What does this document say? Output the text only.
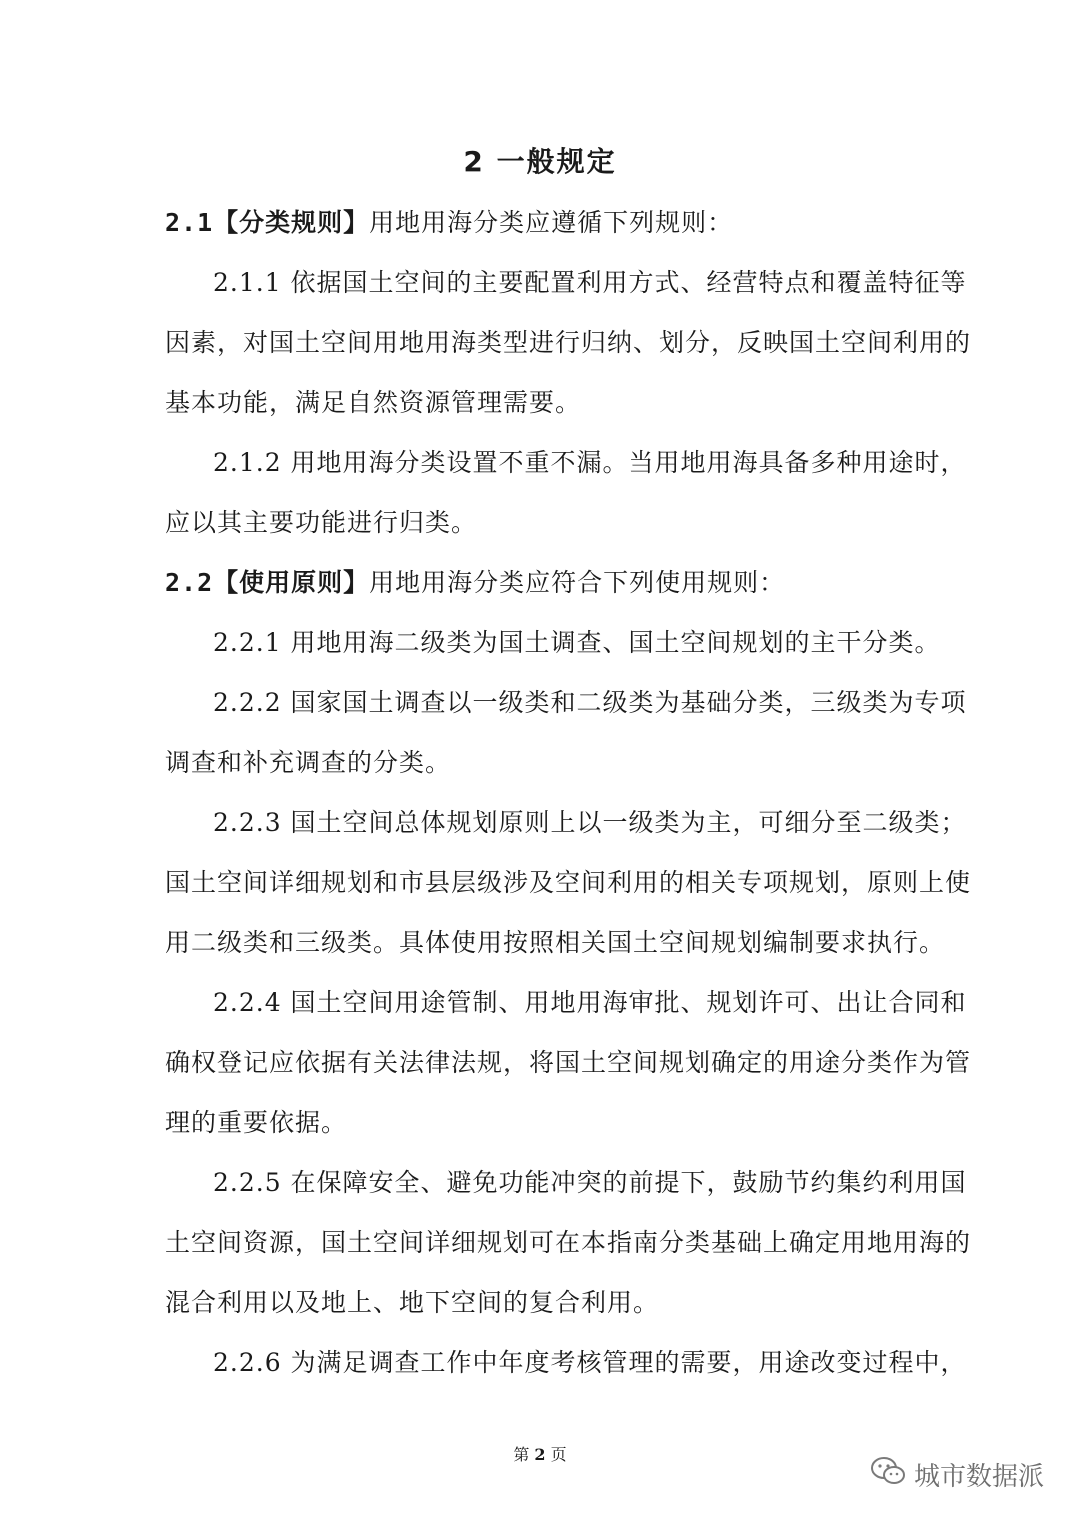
2 一般规定
2.1【分类规则】用地用海分类应遵循下列规则：
2.1.1 依据国土空间的主要配置利用方式、经营特点和覆盖特征等
因素，对国土空间用地用海类型进行归纳、划分，反映国土空间利用的
基本功能，满足自然资源管理需要。
2.1.2 用地用海分类设置不重不漏。当用地用海具备多种用途时，
应以其主要功能进行归类。
2.2【使用原则】用地用海分类应符合下列使用规则：
2.2.1 用地用海二级类为国土调查、国土空间规划的主干分类。
2.2.2 国家国土调查以一级类和二级类为基础分类，三级类为专项
调查和补充调查的分类。
2.2.3 国土空间总体规划原则上以一级类为主，可细分至二级类；
国土空间详细规划和市县层级涉及空间利用的相关专项规划，原则上使
用二级类和三级类。具体使用按照相关国土空间规划编制要求执行。
2.2.4 国土空间用途管制、用地用海审批、规划许可、出让合同和
确权登记应依据有关法律法规，将国土空间规划确定的用途分类作为管
理的重要依据。
2.2.5 在保障安全、避免功能冲突的前提下，鼓励节约集约利用国
土空间资源，国土空间详细规划可在本指南分类基础上确定用地用海的
混合利用以及地上、地下空间的复合利用。
2.2.6 为满足调查工作中年度考核管理的需要，用途改变过程中，
第 2 页
城市数据派
